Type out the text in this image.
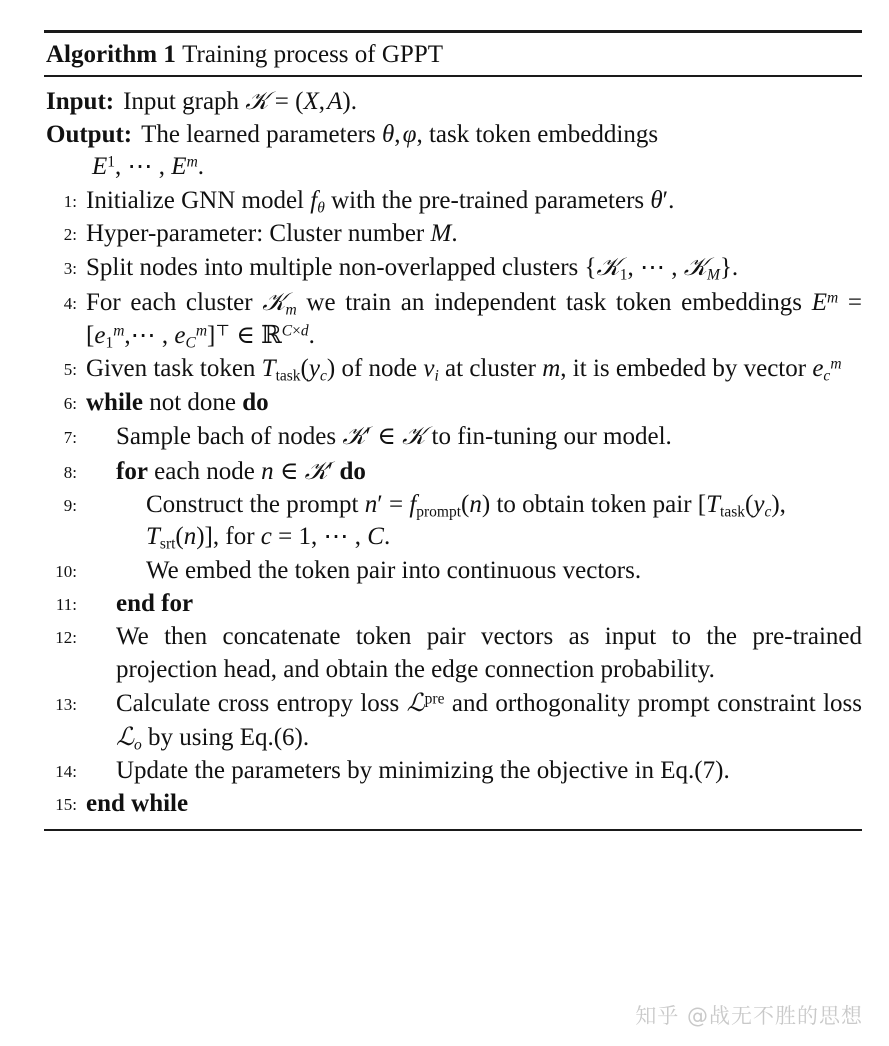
Algorithm 1 Training process of GPPT
Input: Input graph 𝒦 = (X, A).
Output: The learned parameters θ, φ, task token embeddings
$E^1$, ⋯ , $E^m$.
1: Initialize GNN model $f_\theta$ with the pre-trained parameters θ′.
2: Hyper-parameter: Cluster number M.
3: Split nodes into multiple non-overlapped clusters {𝒦$_1$, ⋯ , 𝒦$_M$}.
4: For each cluster 𝒦$_m$ we train an independent task token embeddings $E^m$ = [$e_1^m,\cdots$ , $e_C^m]^⊤$ ∈ ℝ$^{C\times d}$.
5: Given task token $T_{task}(y_c)$ of node $v_i$ at cluster m, it is embeded by vector $e_c^m$
6: while not done do
7:	Sample bach of nodes 𝒦′ ∈ 𝒦 to fin-tuning our model.
8:	for each node n ∈ 𝒦′ do
9:	Construct the prompt $n' = f_{prompt}(n)$ to obtain token pair [$T_{task}(y_c)$, $T_{srt}(n)$], for c = 1, ⋯ , C.
10:	We embed the token pair into continuous vectors.
11:	end for
12:	We then concatenate token pair vectors as input to the pre-trained projection head, and obtain the edge connection probability.
13:	Calculate cross entropy loss ℒ$^{pre}$ and orthogonality prompt constraint loss ℒ$_o$ by using Eq.(6).
14:	Update the parameters by minimizing the objective in Eq.(7).
15: end while
知乎 @战无不胜的思想
